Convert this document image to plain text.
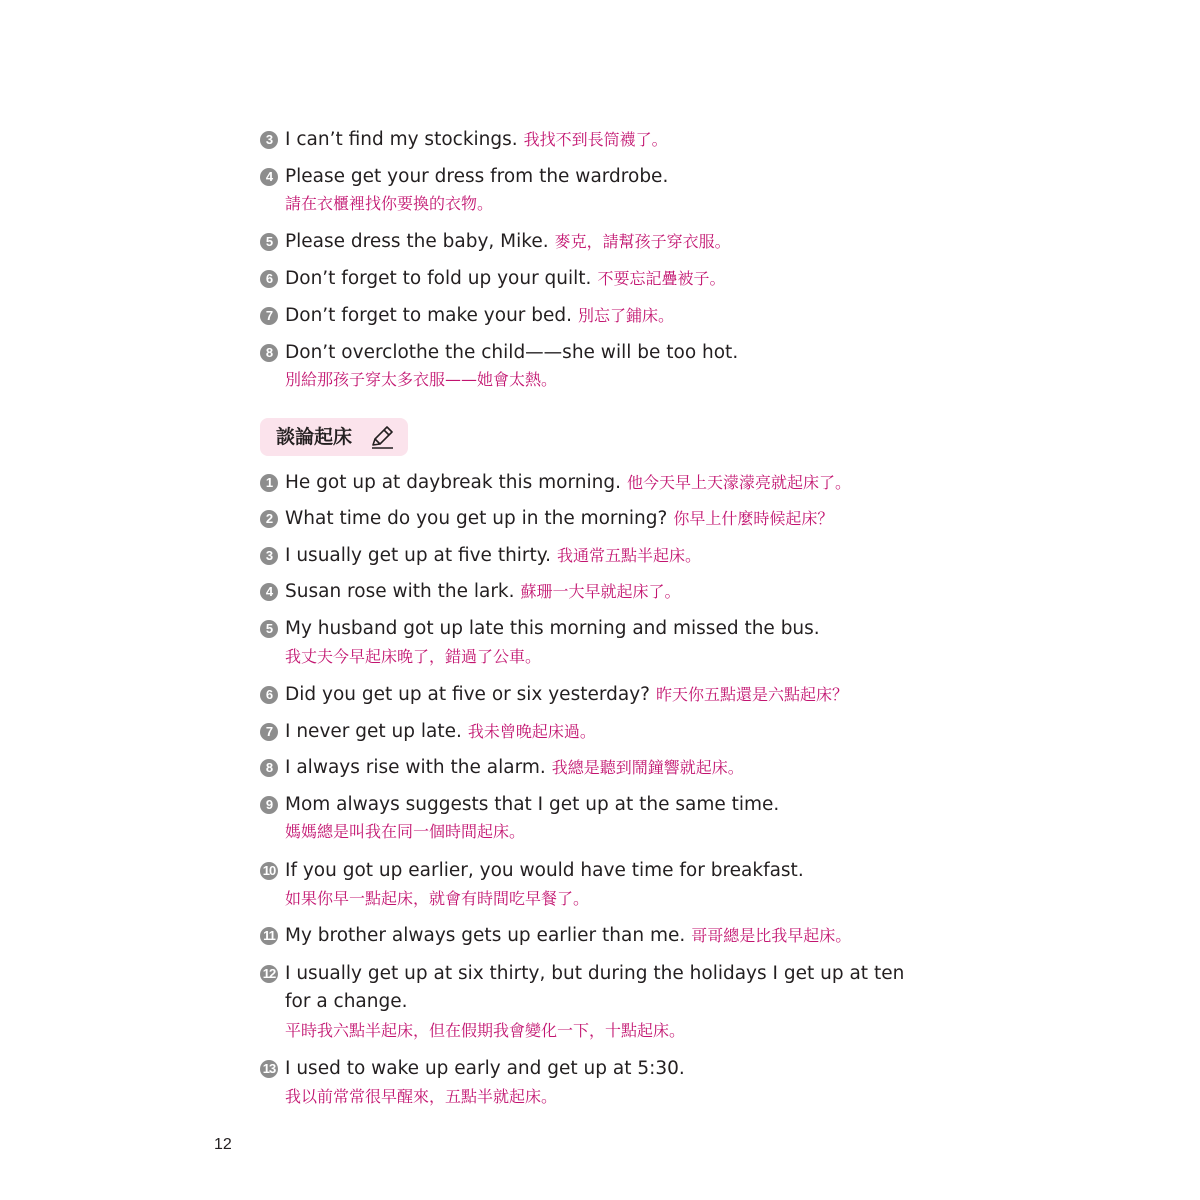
3 I can’t find my stockings. 我找不到長筒襪了。
4 Please get your dress from the wardrobe.
請在衣櫃裡找你要換的衣物。
5 Please dress the baby, Mike. 麥克，請幫孩子穿衣服。
6 Don’t forget to fold up your quilt. 不要忘記疊被子。
7 Don’t forget to make your bed. 別忘了鋪床。
8 Don’t overclothe the child——she will be too hot.
別給那孩子穿太多衣服——她會太熱。
談論起床
1 He got up at daybreak this morning. 他今天早上天濛濛亮就起床了。
2 What time do you get up in the morning? 你早上什麼時候起床？
3 I usually get up at five thirty. 我通常五點半起床。
4 Susan rose with the lark. 蘇珊一大早就起床了。
5 My husband got up late this morning and missed the bus.
我丈夫今早起床晚了，錯過了公車。
6 Did you get up at five or six yesterday? 昨天你五點還是六點起床？
7 I never get up late. 我未曾晚起床過。
8 I always rise with the alarm. 我總是聽到鬧鐘響就起床。
9 Mom always suggests that I get up at the same time.
媽媽總是叫我在同一個時間起床。
10 If you got up earlier, you would have time for breakfast.
如果你早一點起床，就會有時間吃早餐了。
11 My brother always gets up earlier than me. 哥哥總是比我早起床。
12 I usually get up at six thirty, but during the holidays I get up at ten
for a change.
平時我六點半起床，但在假期我會變化一下，十點起床。
13 I used to wake up early and get up at 5:30.
我以前常常很早醒來，五點半就起床。
12
